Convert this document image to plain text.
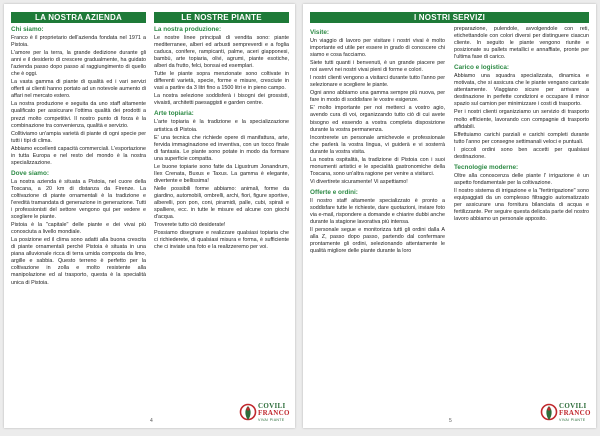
LA NOSTRA AZIENDA
Chi siamo:
Franco è il proprietario dell'azienda fondata nel 1971 a Pistoia.
L'amore per la terra, la grande dedizione durante gli anni e il desiderio di crescere gradualmente, ha guidato l'azienda passo dopo passo al raggiungimento di quello che è oggi.
La vasta gamma di piante di qualità ed i vari servizi offerti ai clienti hanno portato ad un notevole aumento di affari nel mercato estero.
La nostra produzione e seguita da uno staff altamente qualificato per assicurare l'ottima qualità dei prodotti a prezzi molto competitivi. Il nostro punto di forza è la combinazione tra convenienza, qualità e servizio.
Colltiviamo un'ampia varietà di piante di ogni specie per tutti i tipi di clima.
Abbiamo eccellenti capacità commerciali. L'esportazione in tutta Europa e nel resto del mondo è la nostra specializzazione.
Dove siamo:
La nostra azienda è situata a Pistoia, nel cuore della Toscana, a 20 km di distanza da Firenze. La coltivazione di piante ornamentali è la tradizione e l'eredità tramandata di generazione in generazione. Tutti i professionisti del settore vengono qui per vedere e scegliere le piante.
Pistoia è la "capitale" delle piante e dei vivai più conosciuta a livello mondiale.
La posizione ed il clima sono adatti alla buona crescita di piante ornamentali perché Pistoia è situata in una piana alluvionale ricca di terra umida composta da limo, argille e sabbia. Questo terreno è perfetto per la coltivazione in zolla e molto resistente alla manipolazione ed al trasporto, questa è la specialità unica di Pistoia.
LE NOSTRE PIANTE
La nostra produzione:
Le nostre linee principali di vendita sono: piante mediterranee, alberi ed arbusti sempreverdi e a foglia caduca, conifere, rampicanti, palme, aceri giapponesi, bambù, arte topiaria, olivi, agrumi, piante esotiche, alberi da frutto, felci, bonsai ed esemplari.
Tutte le piante sopra menzionate sono coltivate in differenti varietà, specie, forme e misure, cresciute in vasi a partire da 3 litri fino a 1500 litri e in pieno campo.
La nostra selezione soddisferà i bisogni dei grossisti, vivaisti, architetti paesaggisti e garden centre.
Arte topiaria:
L'arte topiaria è la tradizione e la specializzazione artistica di Pistoia.
E' una tecnica che richiede opere di manifattura, arte, fervida immaginazione ed inventiva, con un tocco finale di fantasia. Le piante sono potate in modo da formare una superficie compatta.
Le buone topiarie sono fatte da Ligustrum Jonandrum, Ilex Crenata, Buxus e Taxus. La gamma è elegante, divertente e bellissima!
Nelle possibili forme abbiamo: animali, forme da giardino, automobili, ombrelli, archi, fiori, figure sportive, alberelli, pon pon, coni, piramidi, palle, cubi, spirali e spalliere, ecc. in tutte le misure ed alcune con giochi d'acqua.
Troverete tutto ciò desiderate!
Possiamo disegnare e realizzare qualsiasi topiaria che ci richiederete, di qualsiasi misura e forma, è sufficiente che ci inviate una foto e la realizzeremo per voi.
4
COVILI
FRANCO
VIVAI PIANTE
I NOSTRI SERVIZI
Visite:
Un viaggio di lavoro per visitare i nostri vivai è molto importante ed utile per essere in grado di conoscere chi siamo e cosa facciamo.
Siete tutti quanti i benvenuti, è un grande piacere per noi avervi nei nostri vivai pieni di forme e colori.
I nostri clienti vengono a visitarci durante tutto l'anno per selezionare e scegliere le piante.
Ogni anno abbiamo una gamma sempre più nuova, per fare in modo di soddisfare le vostre esigenze.
E' molto importante per noi metterci a vostro agio, avendo cura di voi, organizzando tutto ciò di cui avete bisogno ed essendo a vostra completa disposizione durante la vostra permanenza.
Incontrerete un personale amichevole e professionale che parlerà la vostra lingua, vi guiderà e vi sosterrà durante la vostra visita.
La nostra ospitalità, la tradizione di Pistoia con i suoi monumenti artistici e le specialità gastronomiche della Toscana, sono un'altra ragione per venire a visitarci.
Vi divertirete sicuramente! Vi aspettiamo!
Offerte e ordini:
Il nostro staff altamente specializzato è pronto a soddisfare tutte le richieste, dare quotazioni, inviare foto via e-mail, rispondere a domande e chiarire dubbi anche durante la stagione lavorativa più intensa.
Il personale segue e monitorizza tutti gli ordini dalla A alla Z, passo dopo passo, partendo dal confermare prontamente gli ordini, selezionando attentamente le qualità migliore delle piante durante la loro
preparazione, pulendole, avvolgendole con reti, etichettandole con colori diversi per distinguere ciascun cliente. In seguito le piante vengono riunite e posizionate su pallets metallici e annaffiate, pronte per l'ultima fase di carico.
Carico e logistica:
Abbiamo una squadra specializzata, dinamica e motivata, che si assicura che le piante vengano caricate attentamente. Viaggiano sicure per arrivare a destinazione in perfette condizioni e occupare il minor spazio sul camion per minimizzare i costi di trasporto.
Per i nostri clienti organizziamo un servizio di trasporto molto efficiente, lavorando con compagnie di trasporto affidabili.
Effettuiamo carichi parziali e carichi completi durante tutto l'anno per consegne settimanali veloci e puntuali.
I piccoli ordini sono ben accetti per qualsiasi destinazione.
Tecnologie moderne:
Oltre alla conoscenza delle piante l' irrigazione è un aspetto fondamentale per la coltivazione.
Il nostro sistema di irrigazione e la "fertirrigazione" sono equipaggiati da un complesso filtraggio automatizzato per assicurare una fornitura bilanciata di acqua e fertilizzante. Per seguire questa delicata parte del nostro lavoro abbiamo un personale apposito.
5
COVILI
FRANCO
VIVAI PIANTE
